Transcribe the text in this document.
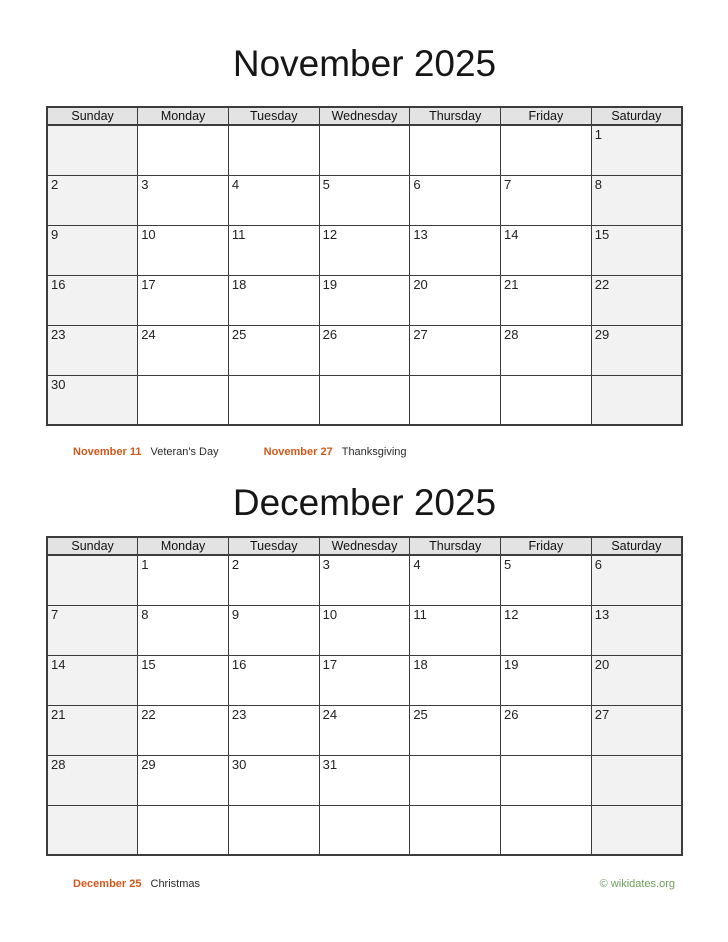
November 2025
Sunday	Monday	Tuesday	Wednesday	Thursday	Friday	Saturday
						1
2	3	4	5	6	7	8
9	10	11	12	13	14	15
16	17	18	19	20	21	22
23	24	25	26	27	28	29
30						
November 11 Veteran's Day	November 27 Thanksgiving
December 2025
Sunday	Monday	Tuesday	Wednesday	Thursday	Friday	Saturday
	1	2	3	4	5	6
7	8	9	10	11	12	13
14	15	16	17	18	19	20
21	22	23	24	25	26	27
28	29	30	31			

December 25 Christmas	© wikidates.org
